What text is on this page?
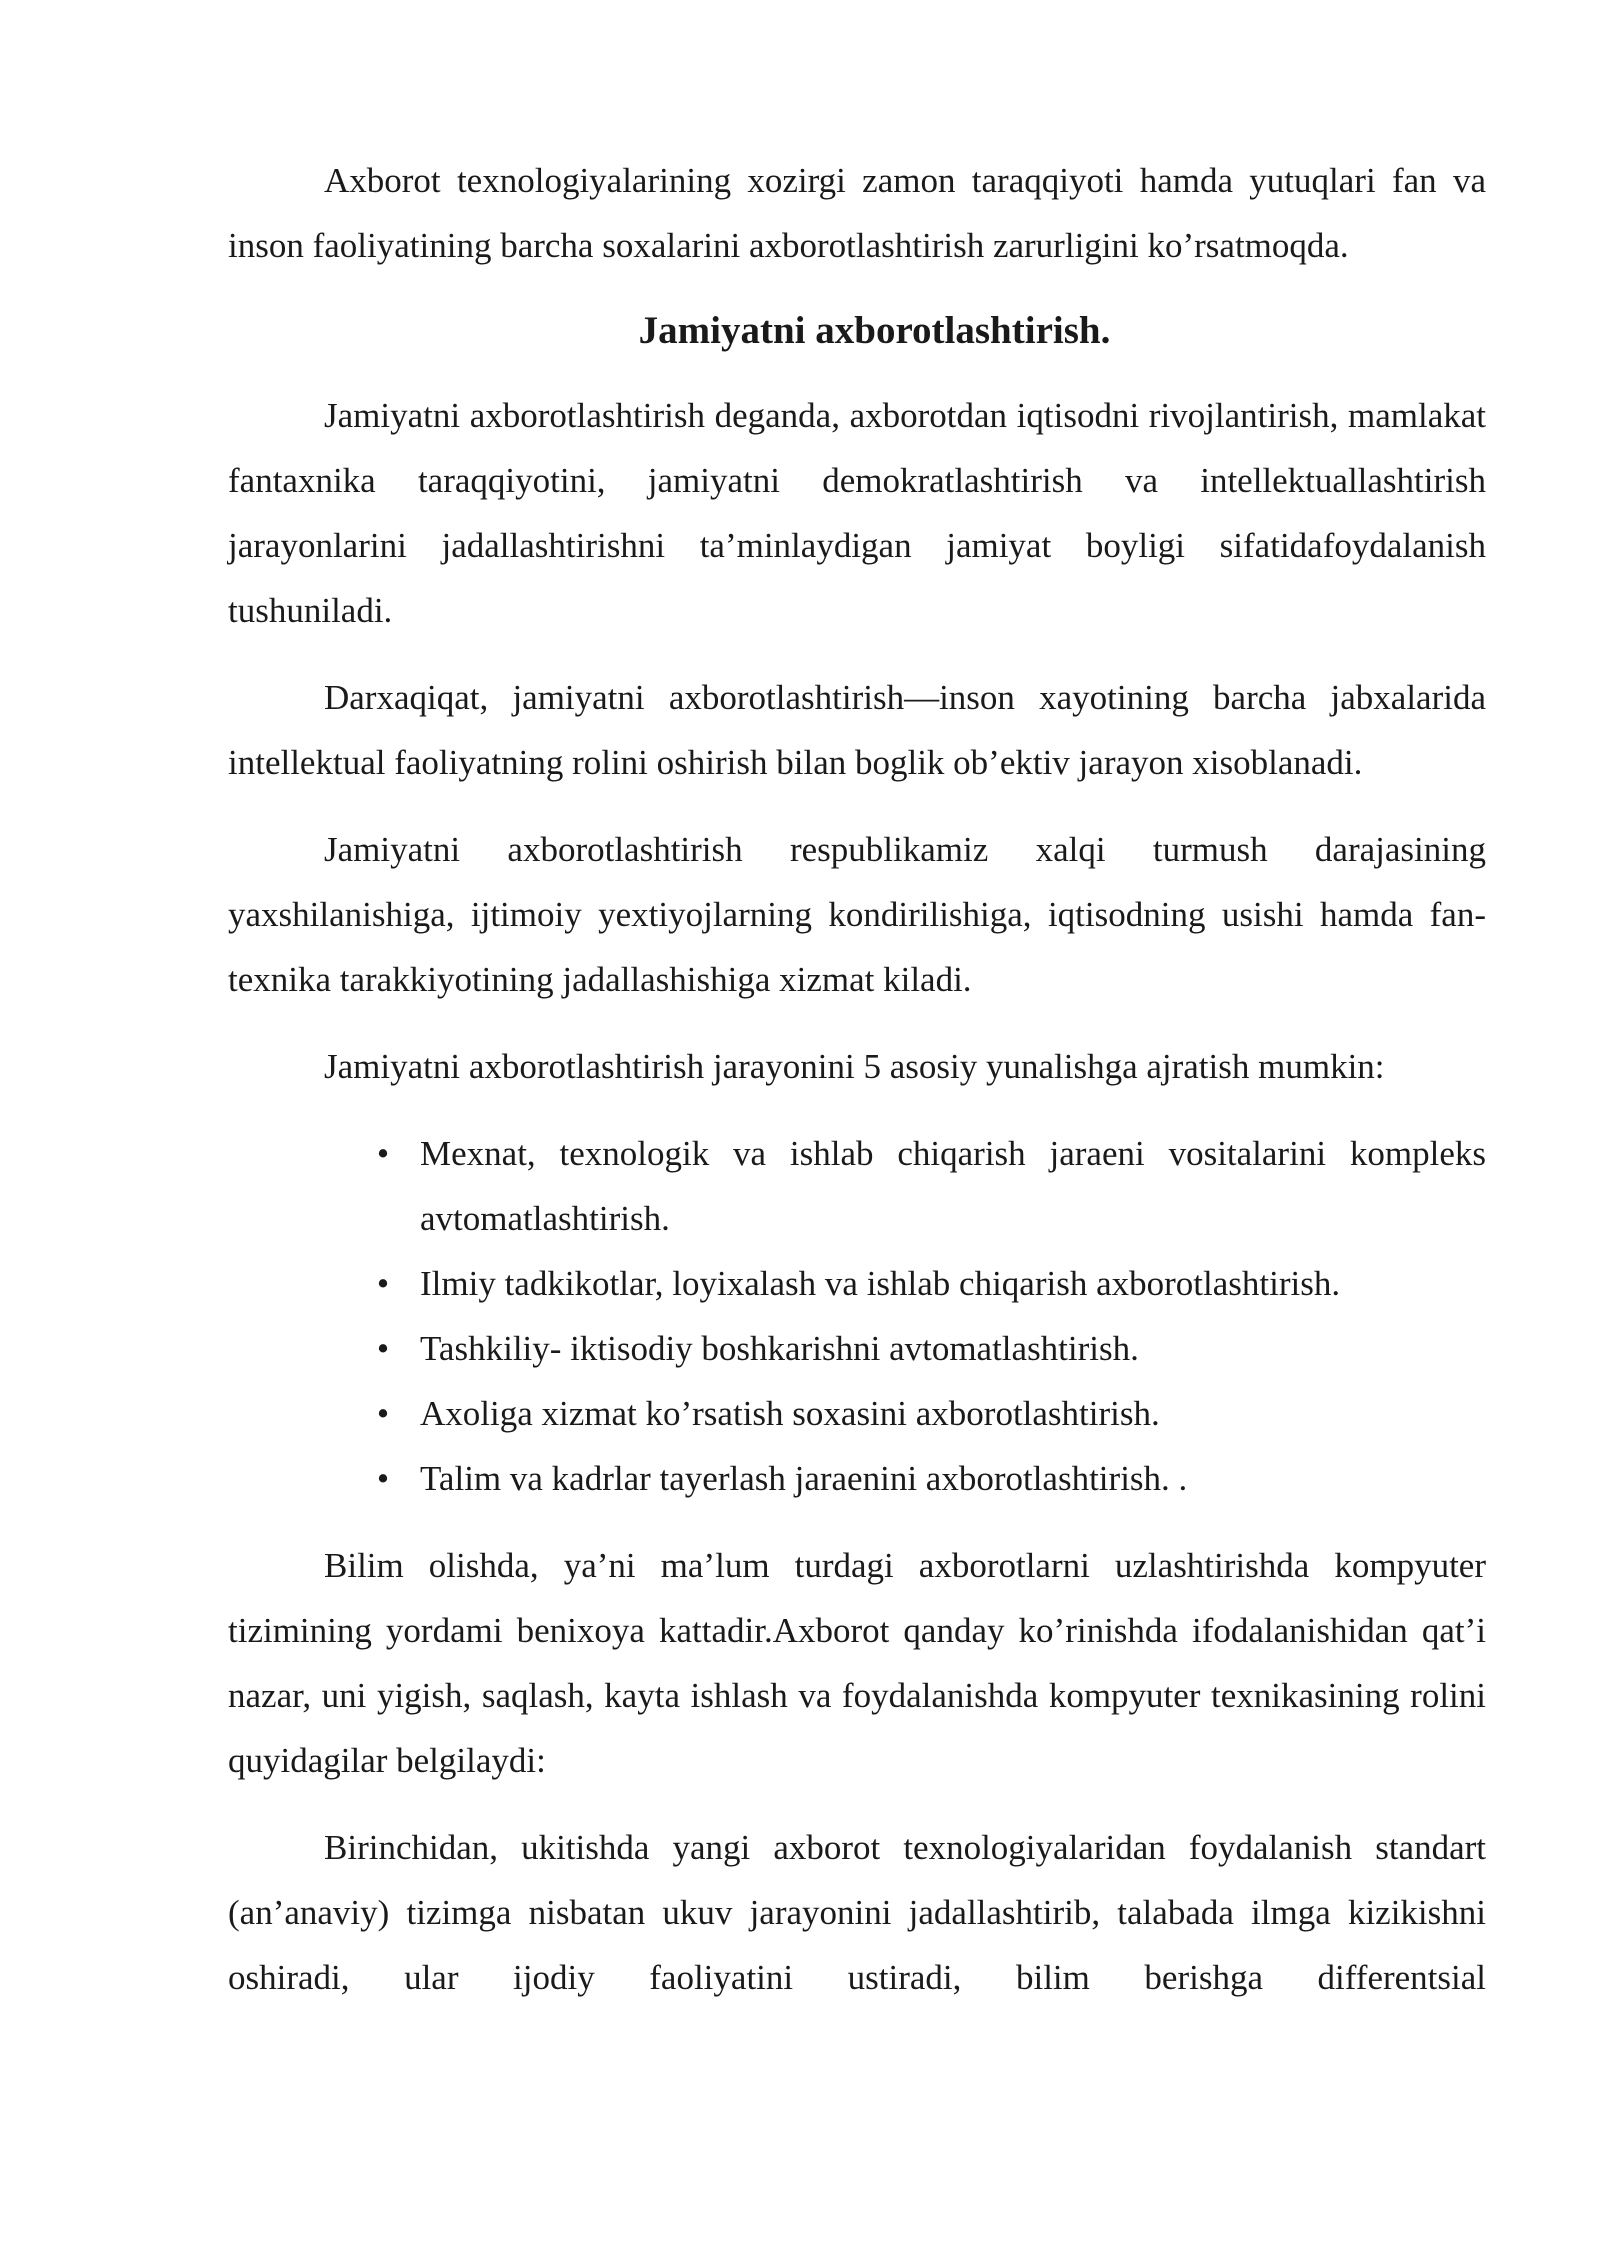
Axborot texnologiyalarining xozirgi zamon taraqqiyoti hamda yutuqlari fan va inson faoliyatining barcha soxalarini axborotlashtirish zarurligini ko’rsatmoqda.

Jamiyatni axborotlashtirish.

Jamiyatni axborotlashtirish deganda, axborotdan iqtisodni rivojlantirish, mamlakat fantaxnika taraqqiyotini, jamiyatni demokratlashtirish va intellektuallashtirish jarayonlarini jadallashtirishni ta’minlaydigan jamiyat boyligi sifatidafoydalanish tushuniladi.

Darxaqiqat, jamiyatni axborotlashtirish—inson xayotining barcha jabxalarida intellektual faoliyatning rolini oshirish bilan boglik ob’ektiv jarayon xisoblanadi.

Jamiyatni axborotlashtirish respublikamiz xalqi turmush darajasining yaxshilanishiga, ijtimoiy yextiyojlarning kondirilishiga, iqtisodning usishi hamda fan-texnika tarakkiyotining jadallashishiga xizmat kiladi.

Jamiyatni axborotlashtirish jarayonini 5 asosiy yunalishga ajratish mumkin:

• Mexnat, texnologik va ishlab chiqarish jaraeni vositalarini kompleks avtomatlashtirish.
• Ilmiy tadkikotlar, loyixalash va ishlab chiqarish axborotlashtirish.
• Tashkiliy- iktisodiy boshkarishni avtomatlashtirish.
• Axoliga xizmat ko’rsatish soxasini axborotlashtirish.
• Talim va kadrlar tayerlash jaraenini axborotlashtirish. .

Bilim olishda, ya’ni ma’lum turdagi axborotlarni uzlashtirishda kompyuter tizimining yordami benixoya kattadir.Axborot qanday ko’rinishda ifodalanishidan qat’i nazar, uni yigish, saqlash, kayta ishlash va foydalanishda kompyuter texnikasining rolini quyidagilar belgilaydi:

Birinchidan, ukitishda yangi axborot texnologiyalaridan foydalanish standart (an’anaviy) tizimga nisbatan ukuv jarayonini jadallashtirib, talabada ilmga kizikishni oshiradi, ular ijodiy faoliyatini ustiradi, bilim berishga differentsial
